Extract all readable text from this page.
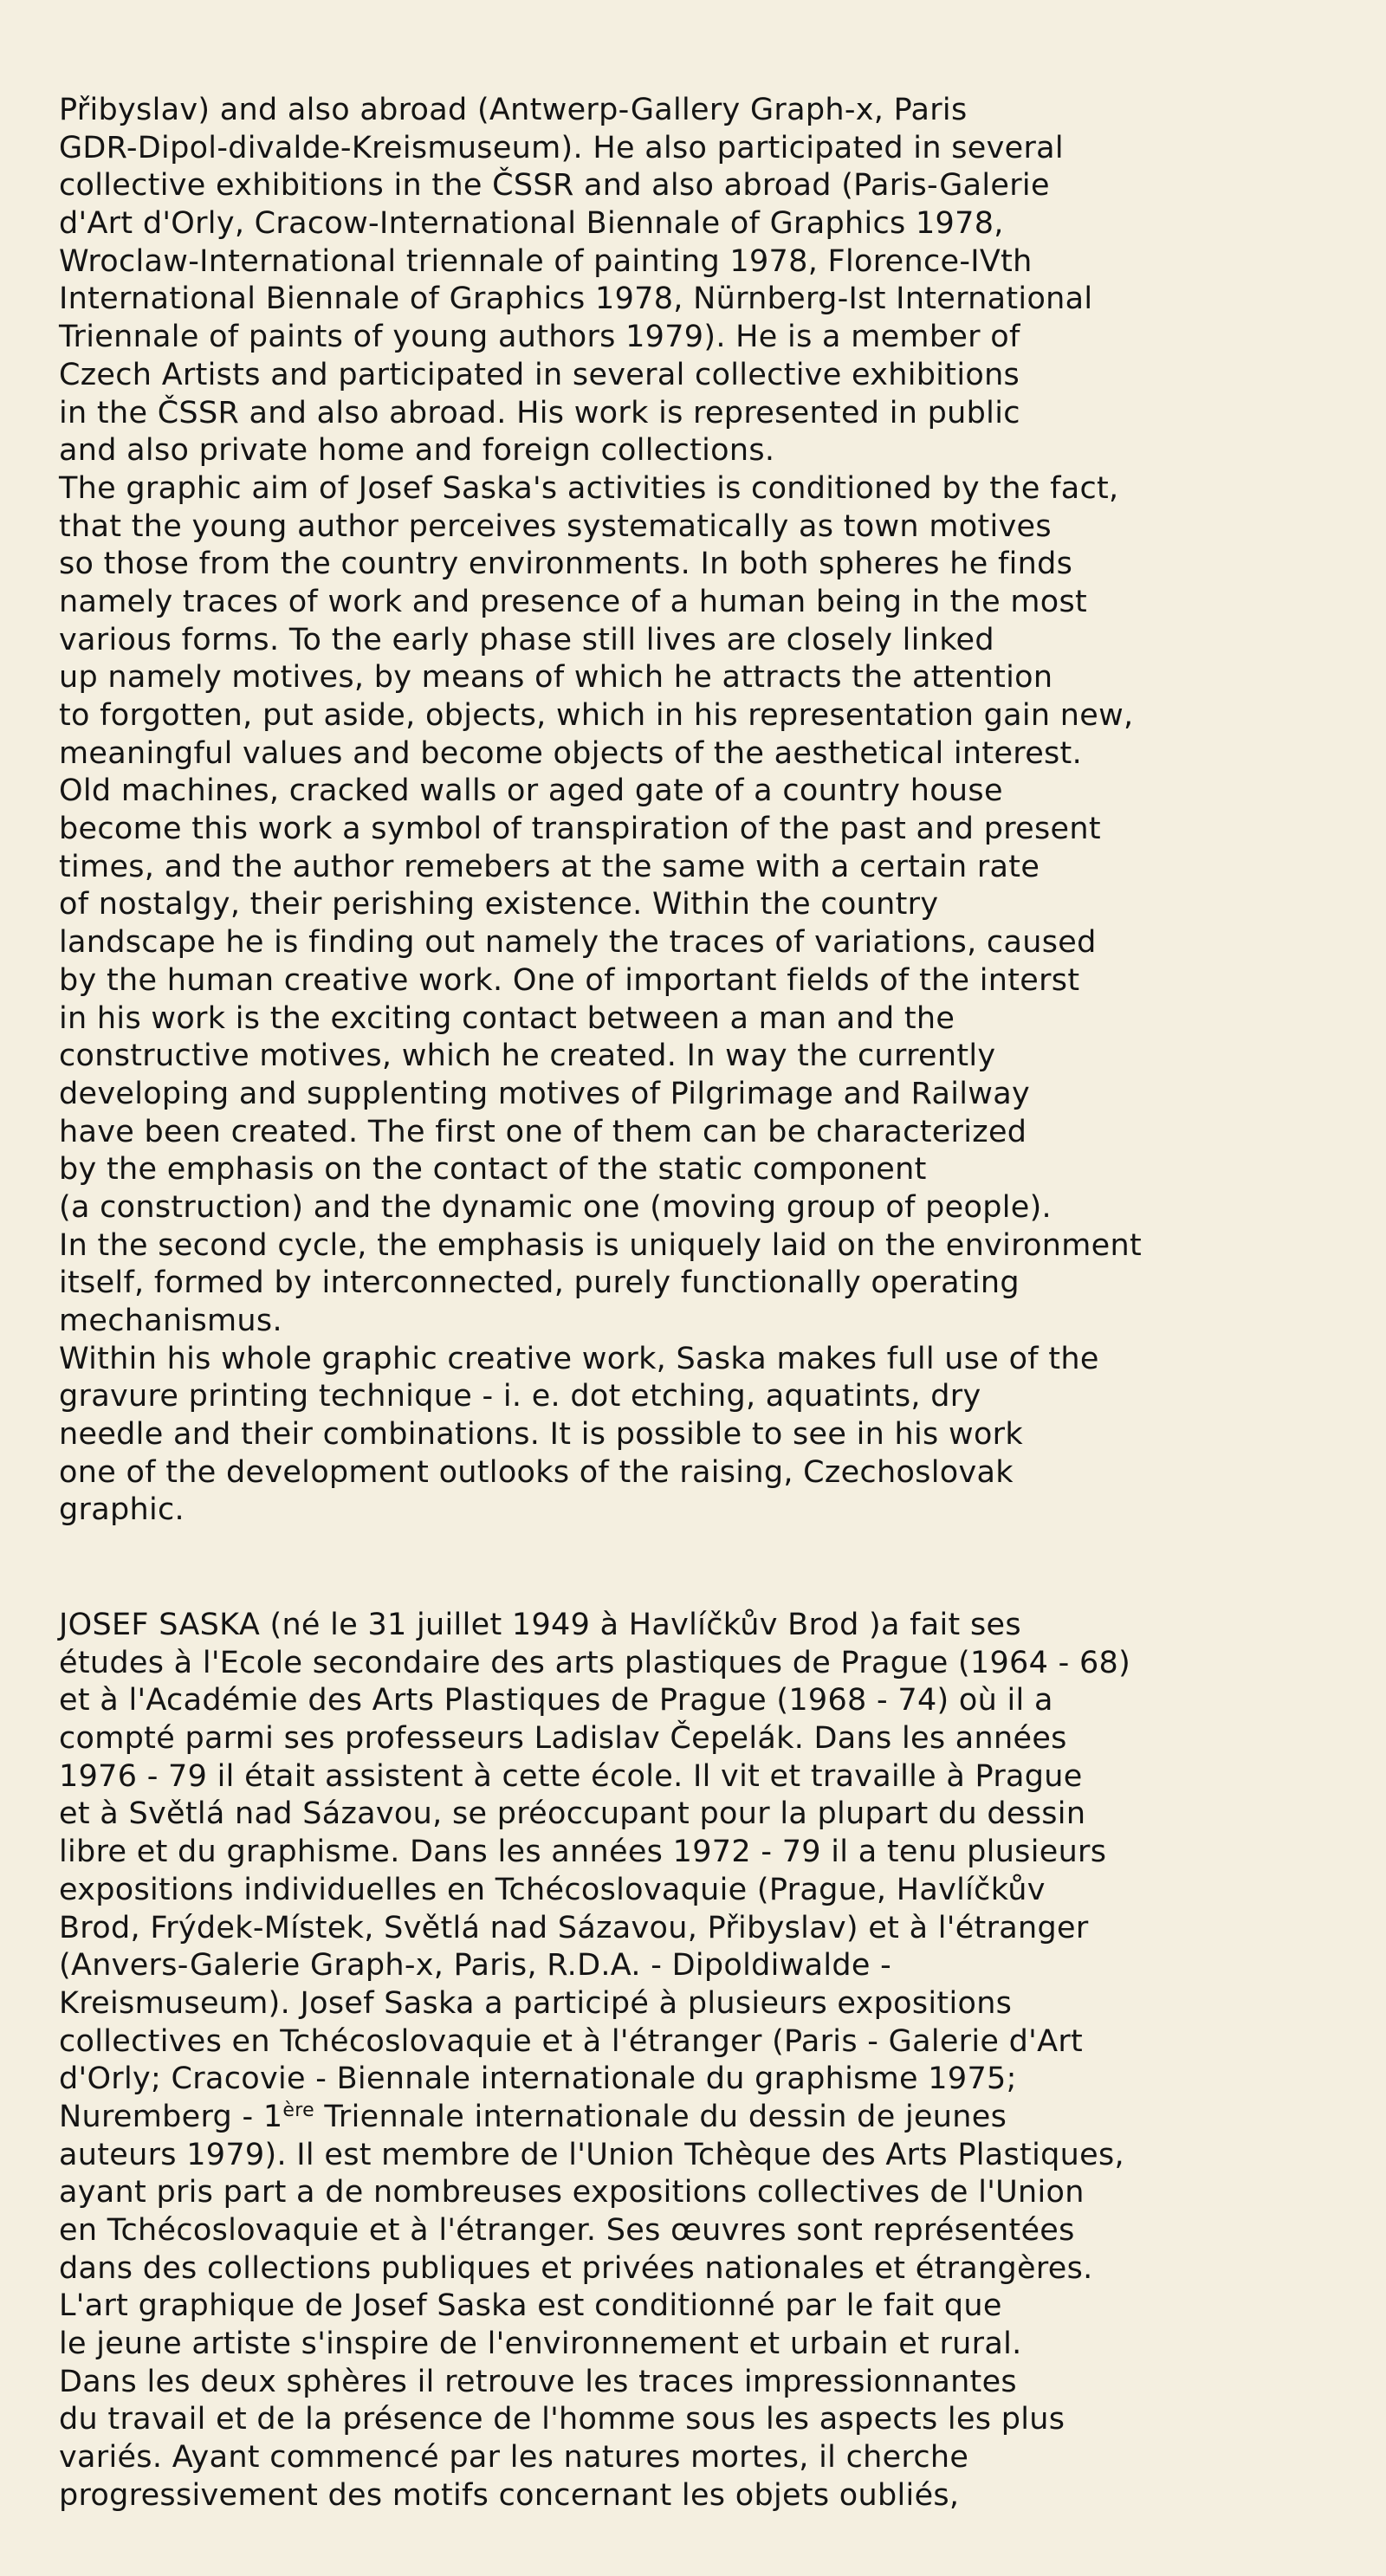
Přibyslav) and also abroad (Antwerp-Gallery Graph-x, Paris
GDR-Dipol-divalde-Kreismuseum). He also participated in several
collective exhibitions in the ČSSR and also abroad (Paris-Galerie
d'Art d'Orly, Cracow-International Biennale of Graphics 1978,
Wroclaw-International triennale of painting 1978, Florence-IVth
International Biennale of Graphics 1978, Nürnberg-Ist International
Triennale of paints of young authors 1979). He is a member of
Czech Artists and participated in several collective exhibitions
in the ČSSR and also abroad. His work is represented in public
and also private home and foreign collections.
The graphic aim of Josef Saska's activities is conditioned by the fact,
that the young author perceives systematically as town motives
so those from the country environments. In both spheres he finds
namely traces of work and presence of a human being in the most
various forms. To the early phase still lives are closely linked
up namely motives, by means of which he attracts the attention
to forgotten, put aside, objects, which in his representation gain new,
meaningful values and become objects of the aesthetical interest.
Old machines, cracked walls or aged gate of a country house
become this work a symbol of transpiration of the past and present
times, and the author remebers at the same with a certain rate
of nostalgy, their perishing existence. Within the country
landscape he is finding out namely the traces of variations, caused
by the human creative work. One of important fields of the interst
in his work is the exciting contact between a man and the
constructive motives, which he created. In way the currently
developing and supplenting motives of Pilgrimage and Railway
have been created. The first one of them can be characterized
by the emphasis on the contact of the static component
(a construction) and the dynamic one (moving group of people).
In the second cycle, the emphasis is uniquely laid on the environment
itself, formed by interconnected, purely functionally operating
mechanismus.
Within his whole graphic creative work, Saska makes full use of the
gravure printing technique - i. e. dot etching, aquatints, dry
needle and their combinations. It is possible to see in his work
one of the development outlooks of the raising, Czechoslovak
graphic.
JOSEF SASKA (né le 31 juillet 1949 à Havlíčkův Brod )a fait ses
études à l'Ecole secondaire des arts plastiques de Prague (1964 - 68)
et à l'Académie des Arts Plastiques de Prague (1968 - 74) où il a
compté parmi ses professeurs Ladislav Čepelák. Dans les années
1976 - 79 il était assistent à cette école. Il vit et travaille à Prague
et à Světlá nad Sázavou, se préoccupant pour la plupart du dessin
libre et du graphisme. Dans les années 1972 - 79 il a tenu plusieurs
expositions individuelles en Tchécoslovaquie (Prague, Havlíčkův
Brod, Frýdek-Místek, Světlá nad Sázavou, Přibyslav) et à l'étranger
(Anvers-Galerie Graph-x, Paris, R.D.A. - Dipoldiwalde -
Kreismuseum). Josef Saska a participé à plusieurs expositions
collectives en Tchécoslovaquie et à l'étranger (Paris - Galerie d'Art
d'Orly; Cracovie - Biennale internationale du graphisme 1975;
Nuremberg - 1ère Triennale internationale du dessin de jeunes
auteurs 1979). Il est membre de l'Union Tchèque des Arts Plastiques,
ayant pris part a de nombreuses expositions collectives de l'Union
en Tchécoslovaquie et à l'étranger. Ses œuvres sont représentées
dans des collections publiques et privées nationales et étrangères.
L'art graphique de Josef Saska est conditionné par le fait que
le jeune artiste s'inspire de l'environnement et urbain et rural.
Dans les deux sphères il retrouve les traces impressionnantes
du travail et de la présence de l'homme sous les aspects les plus
variés. Ayant commencé par les natures mortes, il cherche
progressivement des motifs concernant les objets oubliés,
